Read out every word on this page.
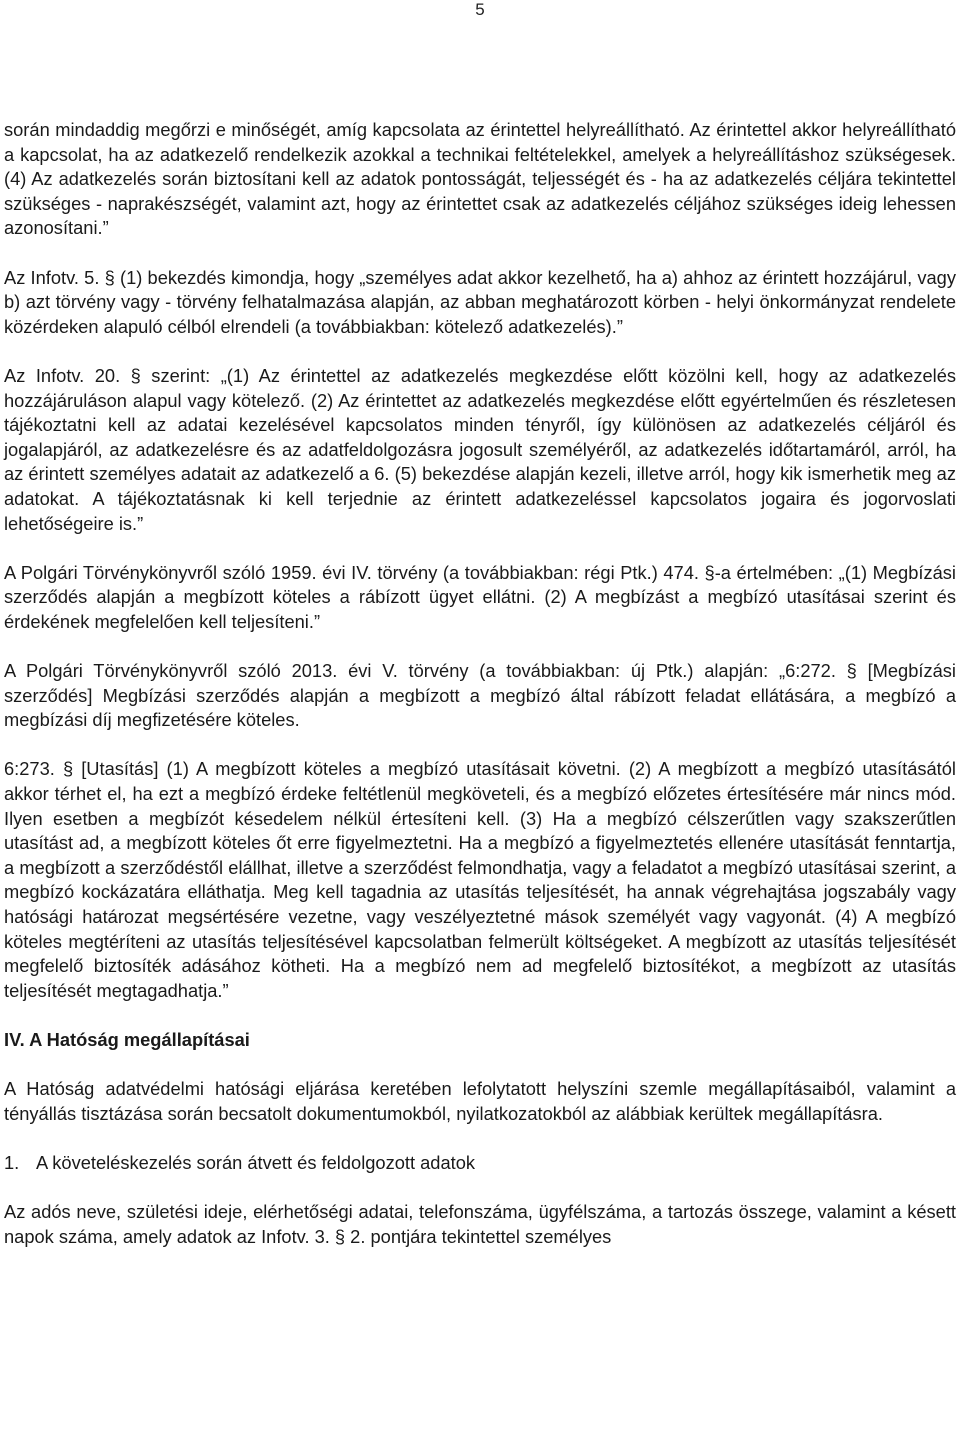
5

során mindaddig megőrzi e minőségét, amíg kapcsolata az érintettel helyreállítható. Az érintettel akkor helyreállítható a kapcsolat, ha az adatkezelő rendelkezik azokkal a technikai feltételekkel, amelyek a helyreállításhoz szükségesek. (4) Az adatkezelés során biztosítani kell az adatok pontosságát, teljességét és - ha az adatkezelés céljára tekintettel szükséges - naprakészségét, valamint azt, hogy az érintettet csak az adatkezelés céljához szükséges ideig lehessen azonosítani.”

Az Infotv. 5. § (1) bekezdés kimondja, hogy „személyes adat akkor kezelhető, ha a) ahhoz az érintett hozzájárul, vagy b) azt törvény vagy - törvény felhatalmazása alapján, az abban meghatározott körben - helyi önkormányzat rendelete közérdeken alapuló célból elrendeli (a továbbiakban: kötelező adatkezelés).”

Az Infotv. 20. § szerint: „(1) Az érintettel az adatkezelés megkezdése előtt közölni kell, hogy az adatkezelés hozzájáruláson alapul vagy kötelező. (2) Az érintettet az adatkezelés megkezdése előtt egyértelműen és részletesen tájékoztatni kell az adatai kezelésével kapcsolatos minden tényről, így különösen az adatkezelés céljáról és jogalapjáról, az adatkezelésre és az adatfeldolgozásra jogosult személyéről, az adatkezelés időtartamáról, arról, ha az érintett személyes adatait az adatkezelő a 6. (5) bekezdése alapján kezeli, illetve arról, hogy kik ismerhetik meg az adatokat. A tájékoztatásnak ki kell terjednie az érintett adatkezeléssel kapcsolatos jogaira és jogorvoslati lehetőségeire is.”

A Polgári Törvénykönyvről szóló 1959. évi IV. törvény (a továbbiakban: régi Ptk.) 474. §-a értelmében: „(1) Megbízási szerződés alapján a megbízott köteles a rábízott ügyet ellátni. (2) A megbízást a megbízó utasításai szerint és érdekének megfelelően kell teljesíteni.”

A Polgári Törvénykönyvről szóló 2013. évi V. törvény (a továbbiakban: új Ptk.) alapján: „6:272. § [Megbízási szerződés] Megbízási szerződés alapján a megbízott a megbízó által rábízott feladat ellátására, a megbízó a megbízási díj megfizetésére köteles.

6:273. § [Utasítás] (1) A megbízott köteles a megbízó utasításait követni. (2) A megbízott a megbízó utasításától akkor térhet el, ha ezt a megbízó érdeke feltétlenül megköveteli, és a megbízó előzetes értesítésére már nincs mód. Ilyen esetben a megbízót késedelem nélkül értesíteni kell. (3) Ha a megbízó célszerűtlen vagy szakszerűtlen utasítást ad, a megbízott köteles őt erre figyelmeztetni. Ha a megbízó a figyelmeztetés ellenére utasítását fenntartja, a megbízott a szerződéstől elállhat, illetve a szerződést felmondhatja, vagy a feladatot a megbízó utasításai szerint, a megbízó kockázatára elláthatja. Meg kell tagadnia az utasítás teljesítését, ha annak végrehajtása jogszabály vagy hatósági határozat megsértésére vezetne, vagy veszélyeztetné mások személyét vagy vagyonát. (4) A megbízó köteles megtéríteni az utasítás teljesítésével kapcsolatban felmerült költségeket. A megbízott az utasítás teljesítését megfelelő biztosíték adásához kötheti. Ha a megbízó nem ad megfelelő biztosítékot, a megbízott az utasítás teljesítését megtagadhatja.”

IV. A Hatóság megállapításai

A Hatóság adatvédelmi hatósági eljárása keretében lefolytatott helyszíni szemle megállapításaiból, valamint a tényállás tisztázása során becsatolt dokumentumokból, nyilatkozatokból az alábbiak kerültek megállapításra.

1. A követeléskezelés során átvett és feldolgozott adatok

Az adós neve, születési ideje, elérhetőségi adatai, telefonszáma, ügyfélszáma, a tartozás összege, valamint a késett napok száma, amely adatok az Infotv. 3. § 2. pontjára tekintettel személyes
